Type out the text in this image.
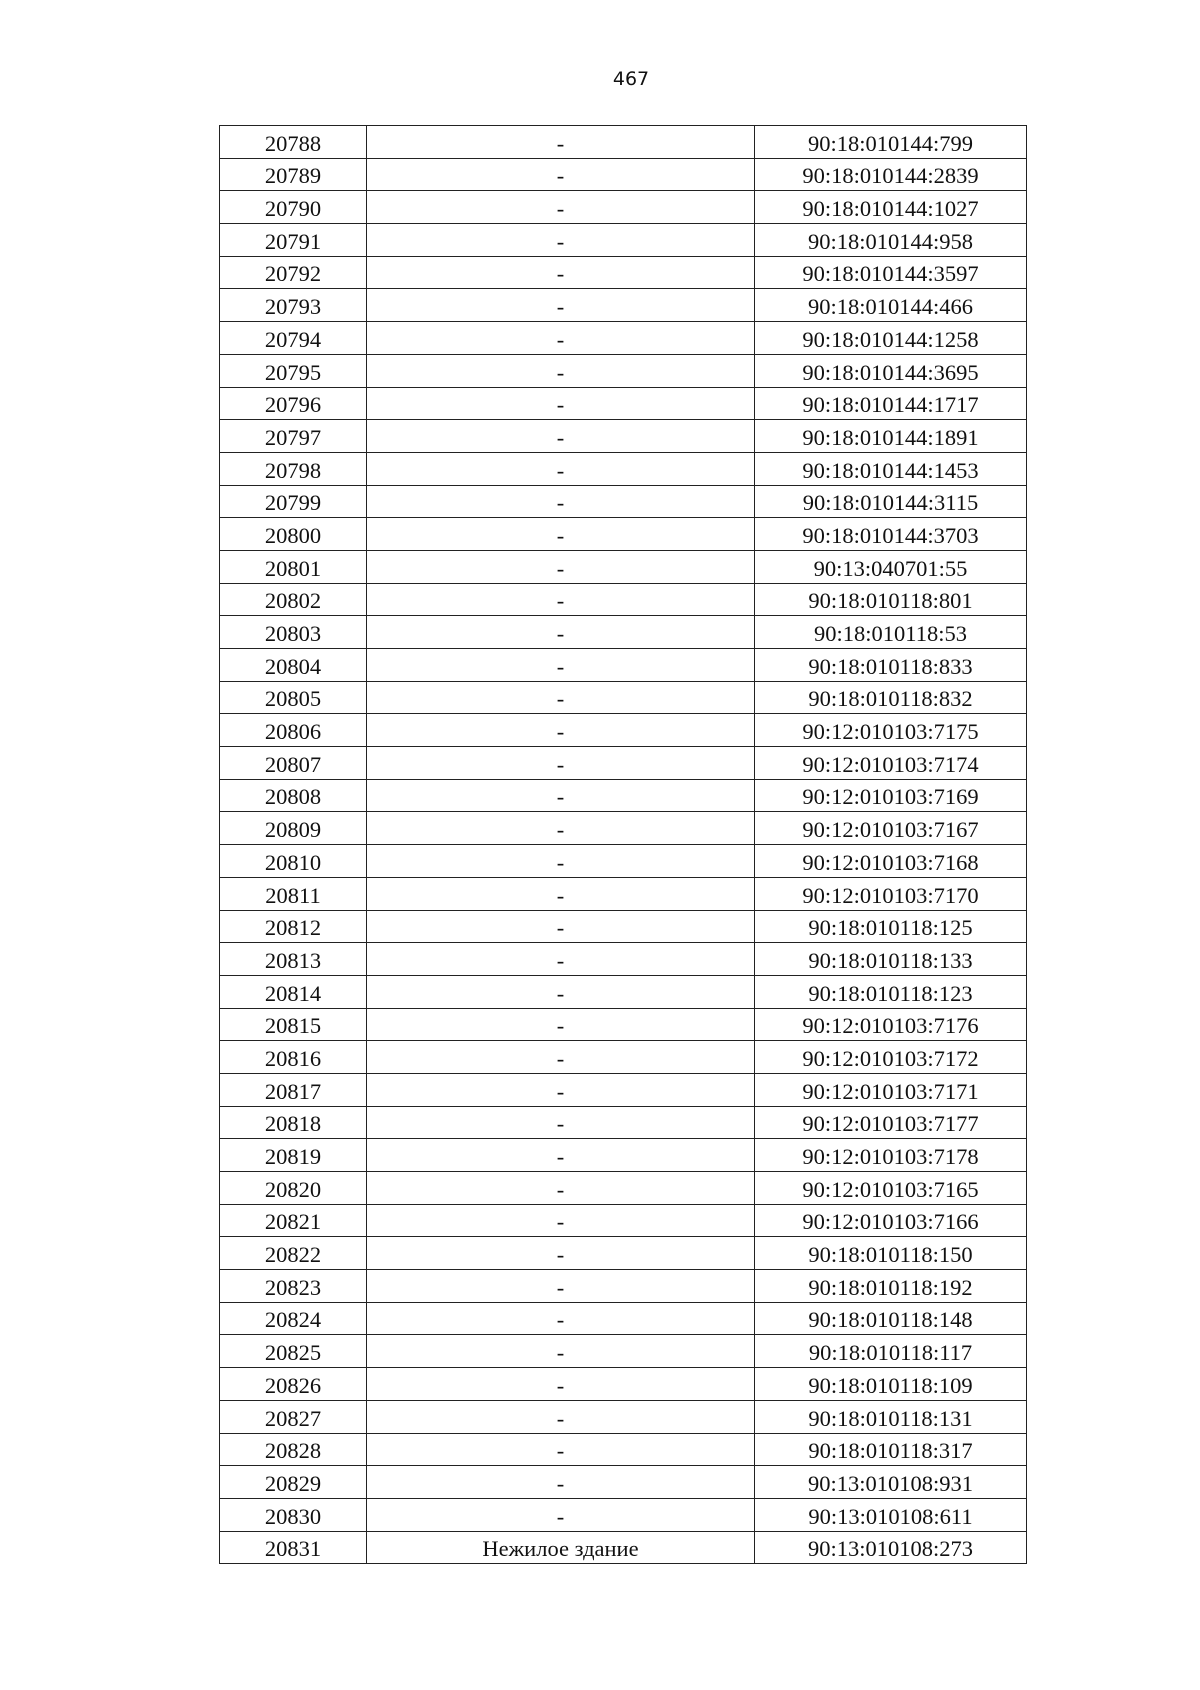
467
20788	-	90:18:010144:799
20789	-	90:18:010144:2839
20790	-	90:18:010144:1027
20791	-	90:18:010144:958
20792	-	90:18:010144:3597
20793	-	90:18:010144:466
20794	-	90:18:010144:1258
20795	-	90:18:010144:3695
20796	-	90:18:010144:1717
20797	-	90:18:010144:1891
20798	-	90:18:010144:1453
20799	-	90:18:010144:3115
20800	-	90:18:010144:3703
20801	-	90:13:040701:55
20802	-	90:18:010118:801
20803	-	90:18:010118:53
20804	-	90:18:010118:833
20805	-	90:18:010118:832
20806	-	90:12:010103:7175
20807	-	90:12:010103:7174
20808	-	90:12:010103:7169
20809	-	90:12:010103:7167
20810	-	90:12:010103:7168
20811	-	90:12:010103:7170
20812	-	90:18:010118:125
20813	-	90:18:010118:133
20814	-	90:18:010118:123
20815	-	90:12:010103:7176
20816	-	90:12:010103:7172
20817	-	90:12:010103:7171
20818	-	90:12:010103:7177
20819	-	90:12:010103:7178
20820	-	90:12:010103:7165
20821	-	90:12:010103:7166
20822	-	90:18:010118:150
20823	-	90:18:010118:192
20824	-	90:18:010118:148
20825	-	90:18:010118:117
20826	-	90:18:010118:109
20827	-	90:18:010118:131
20828	-	90:18:010118:317
20829	-	90:13:010108:931
20830	-	90:13:010108:611
20831	Нежилое здание	90:13:010108:273
